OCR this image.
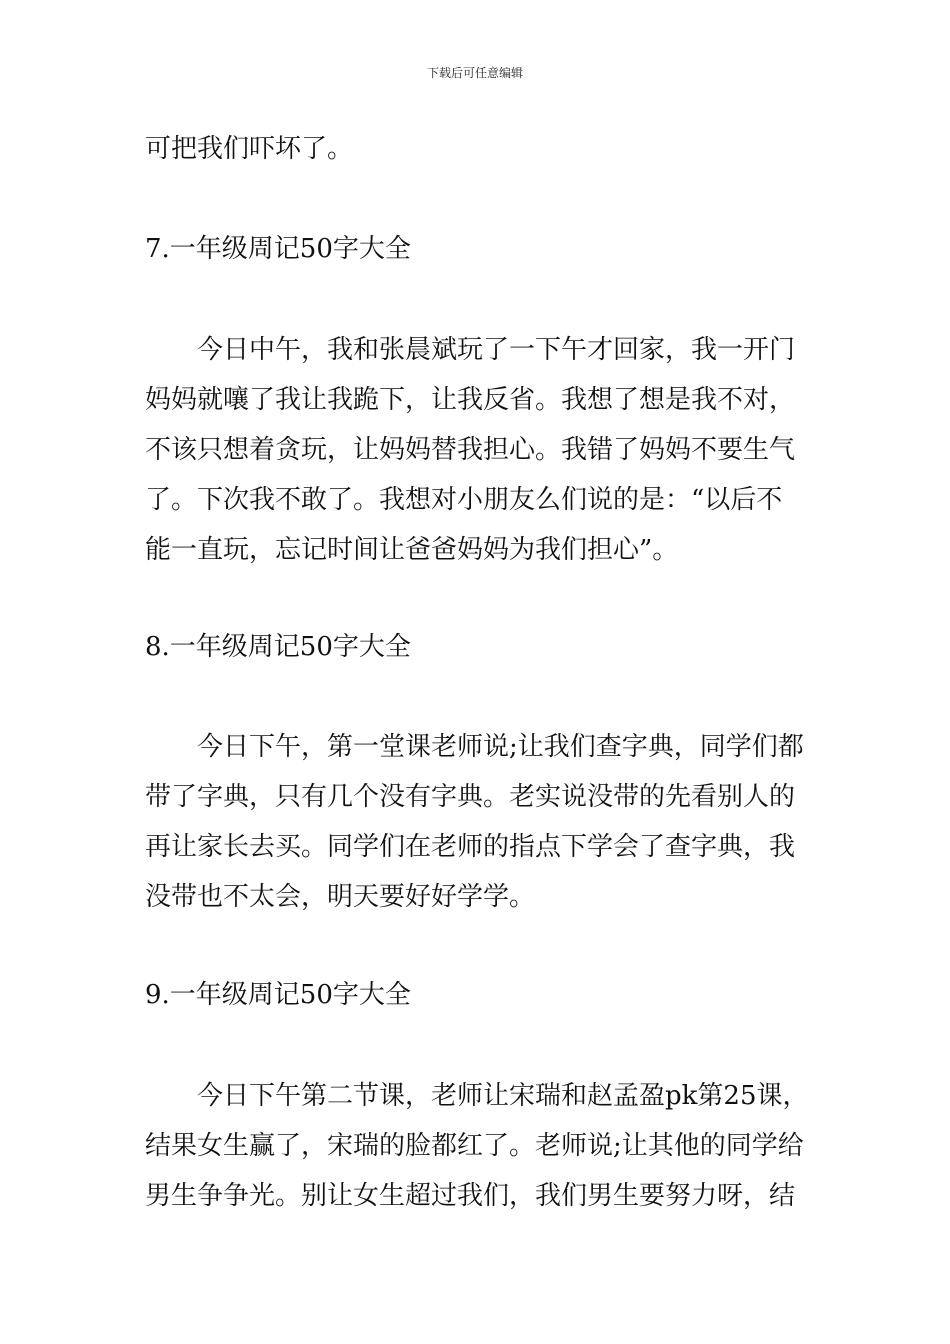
下载后可任意编辑
可把我们吓坏了。
7.一年级周记50字大全
　　今日中午，我和张晨斌玩了一下午才回家，我一开门
妈妈就嚷了我让我跪下，让我反省。我想了想是我不对，
不该只想着贪玩，让妈妈替我担心。我错了妈妈不要生气
了。下次我不敢了。我想对小朋友么们说的是：“以后不
能一直玩，忘记时间让爸爸妈妈为我们担心”。
8.一年级周记50字大全
　　今日下午，第一堂课老师说;让我们查字典，同学们都
带了字典，只有几个没有字典。老实说没带的先看别人的
再让家长去买。同学们在老师的指点下学会了查字典，我
没带也不太会，明天要好好学学。
9.一年级周记50字大全
　　今日下午第二节课，老师让宋瑞和赵孟盈pk第25课，
结果女生赢了，宋瑞的脸都红了。老师说;让其他的同学给
男生争争光。别让女生超过我们，我们男生要努力呀，结
